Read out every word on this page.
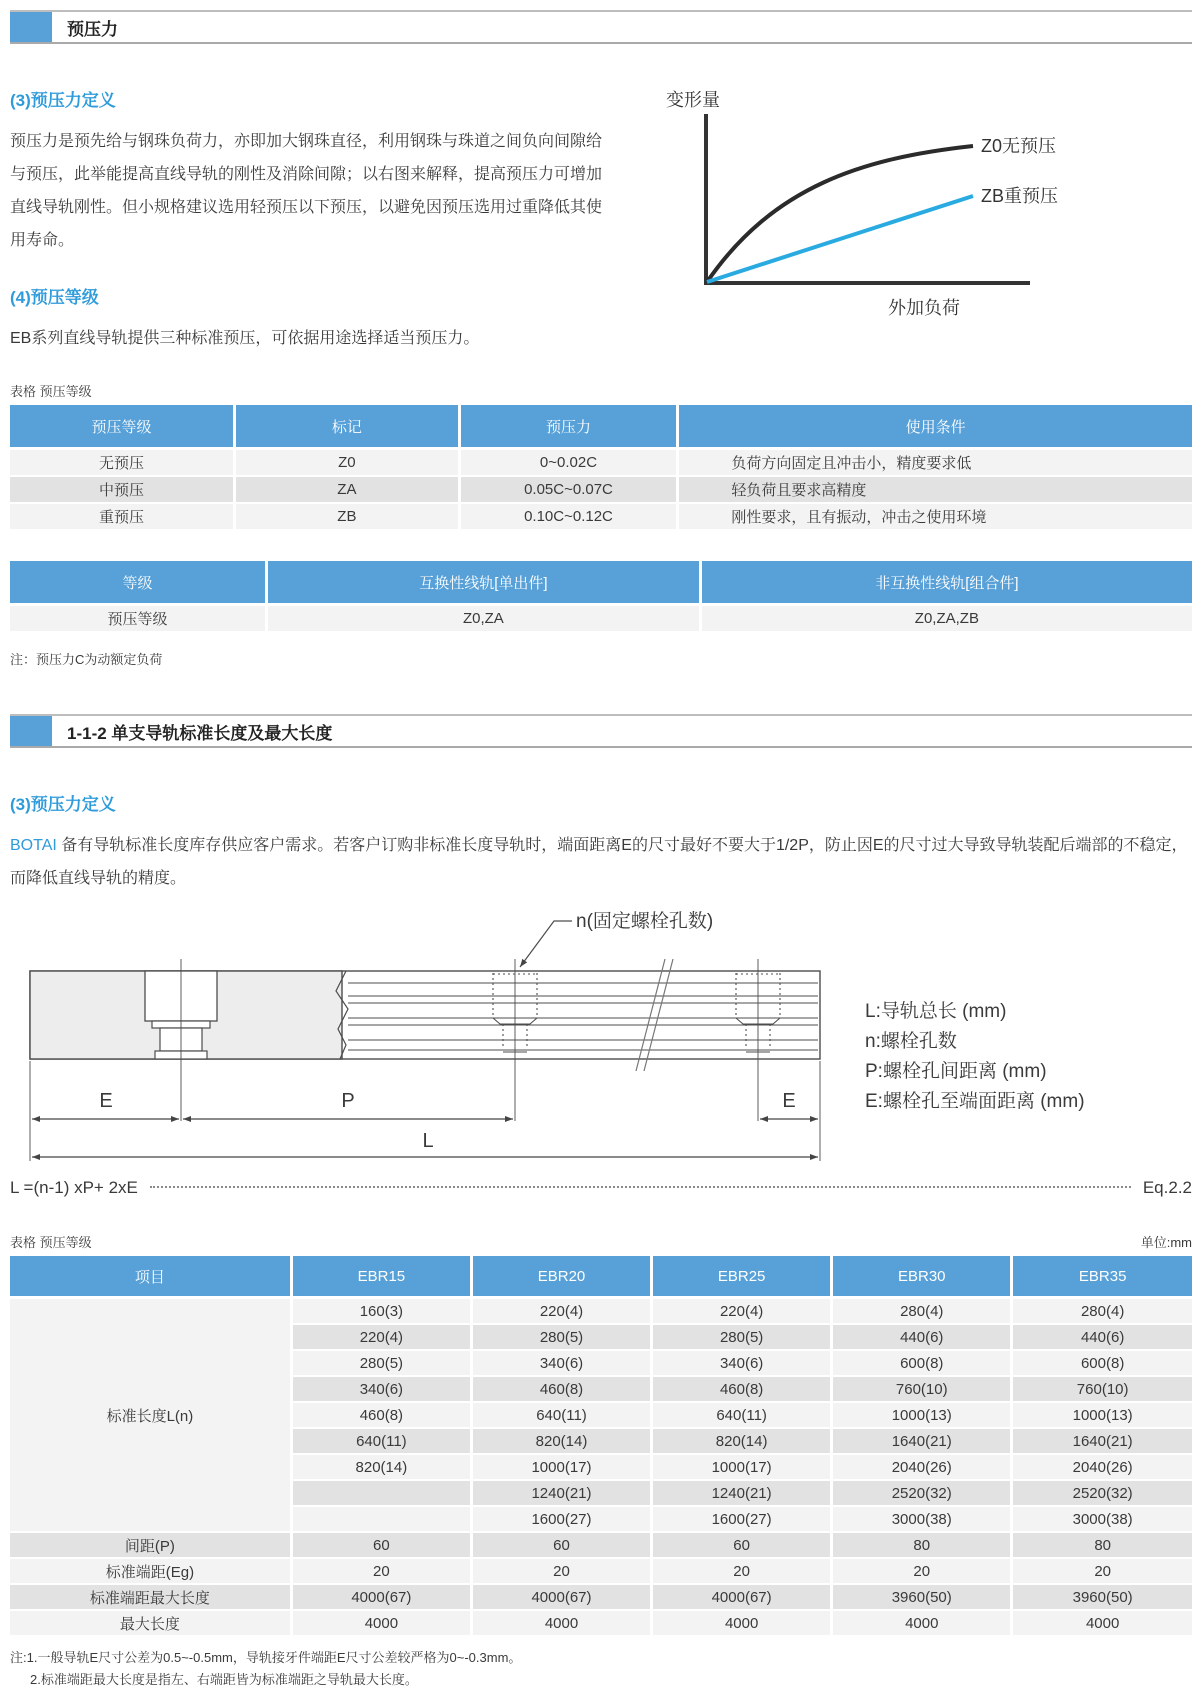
预压力
(3)预压力定义

预压力是预先给与钢珠负荷力，亦即加大钢珠直径，利用钢珠与珠道之间负向间隙给与预压，此举能提高直线导轨的刚性及消除间隙；以右图来解释，提高预压力可增加直线导轨刚性。但小规格建议选用轻预压以下预压，以避免因预压选用过重降低其使用寿命。

(4)预压等级

EB系列直线导轨提供三种标准预压，可依据用途选择适当预压力。

变形量
Z0无预压
ZB重预压
外加负荷
表格 预压等级
预压等级	标记	预压力	使用条件
无预压	Z0	0~0.02C	负荷方向固定且冲击小，精度要求低
中预压	ZA	0.05C~0.07C	轻负荷且要求高精度
重预压	ZB	0.10C~0.12C	刚性要求，且有振动，冲击之使用环境
等级	互换性线轨[单出件]	非互换性线轨[组合件]
预压等级	Z0,ZA	Z0,ZA,ZB
注：预压力C为动额定负荷
1-1-2 单支导轨标准长度及最大长度
(3)预压力定义

BOTAI 备有导轨标准长度库存供应客户需求。若客户订购非标准长度导轨时，端面距离E的尺寸最好不要大于1/2P，防止因E的尺寸过大导致导轨装配后端部的不稳定，而降低直线导轨的精度。

n(固定螺栓孔数)
E	P	E
L
L:导轨总长 (mm)
n:螺栓孔数
P:螺栓孔间距离 (mm)
E:螺栓孔至端面距离 (mm)
L =(n-1) xP+ 2xE	Eq.2.2
表格 预压等级	单位:mm
项目	EBR15	EBR20	EBR25	EBR30	EBR35
标准长度L(n)	160(3)	220(4)	220(4)	280(4)	280(4)
	220(4)	280(5)	280(5)	440(6)	440(6)
	280(5)	340(6)	340(6)	600(8)	600(8)
	340(6)	460(8)	460(8)	760(10)	760(10)
	460(8)	640(11)	640(11)	1000(13)	1000(13)
	640(11)	820(14)	820(14)	1640(21)	1640(21)
	820(14)	1000(17)	1000(17)	2040(26)	2040(26)
		1240(21)	1240(21)	2520(32)	2520(32)
		1600(27)	1600(27)	3000(38)	3000(38)
间距(P)	60	60	60	80	80
标准端距(Eg)	20	20	20	20	20
标准端距最大长度	4000(67)	4000(67)	4000(67)	3960(50)	3960(50)
最大长度	4000	4000	4000	4000	4000
注:1.一般导轨E尺寸公差为0.5~-0.5mm，导轨接牙件端距E尺寸公差较严格为0~-0.3mm。
2.标准端距最大长度是指左、右端距皆为标准端距之导轨最大长度。
